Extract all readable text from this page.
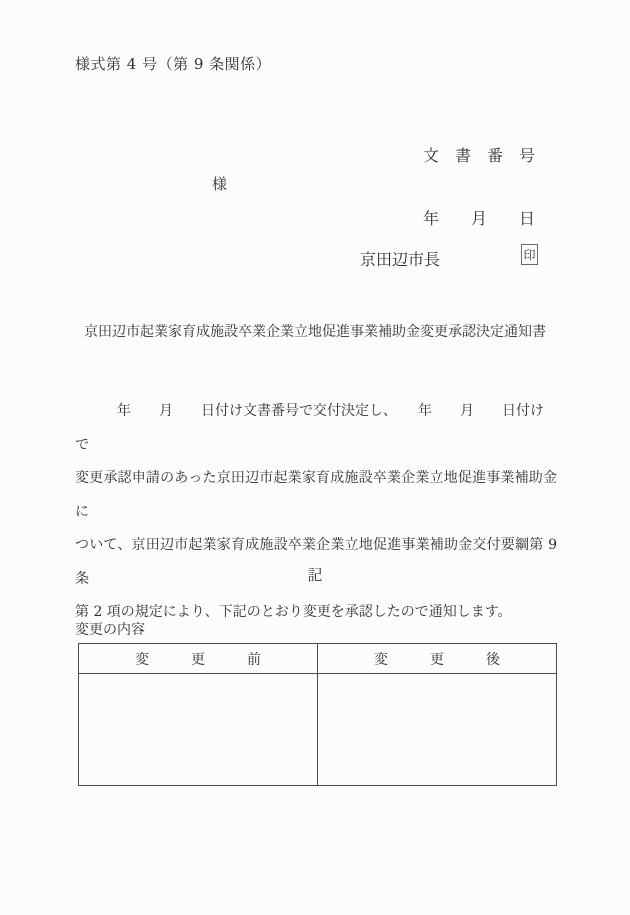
様式第 4 号（第 9 条関係）

文　書　番　号

年　　月　　日

様
京田辺市長	印
京田辺市起業家育成施設卒業企業立地促進事業補助金変更承認決定通知書
　　　年　　月　　日付け文書番号で交付決定し、　　年　　月　　日付けで
変更承認申請のあった京田辺市起業家育成施設卒業企業立地促進事業補助金に
ついて、京田辺市起業家育成施設卒業企業立地促進事業補助金交付要綱第 9 条
第 2 項の規定により、下記のとおり変更を承認したので通知します。
記
変更の内容
変　　　更　　　前	変　　　更　　　後
